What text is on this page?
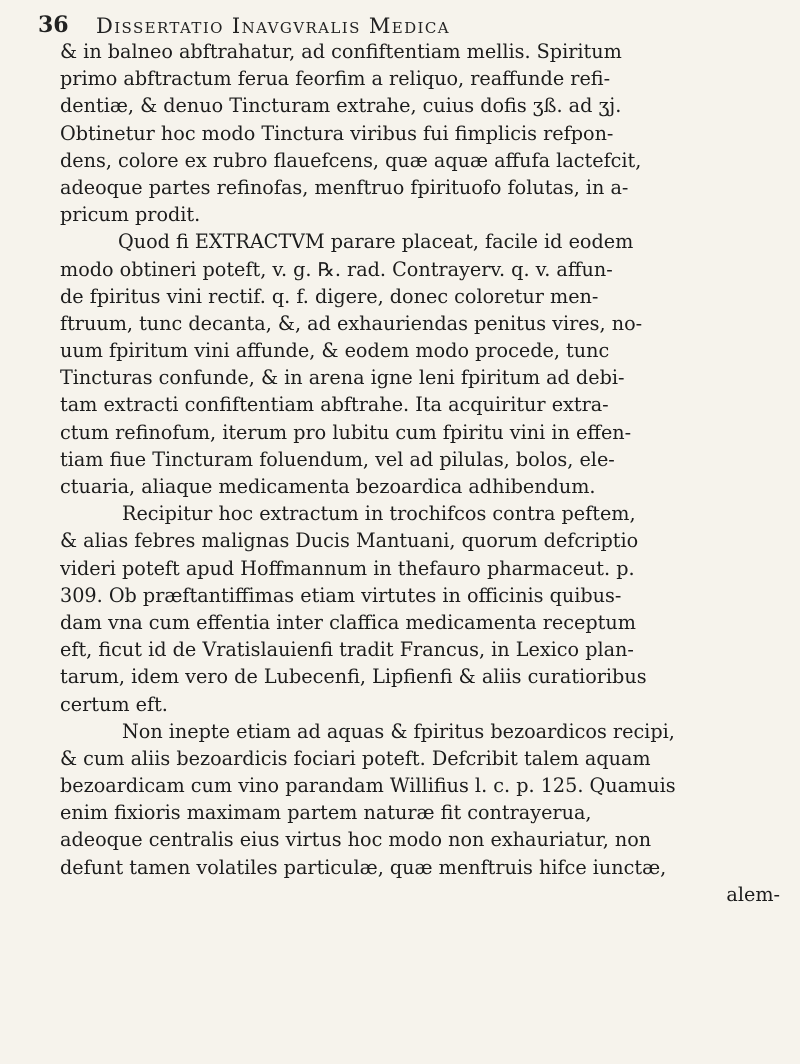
36 Dissertatio Inavgvralis Medica
& in balneo abftrahatur, ad confiftentiam mellis. Spiritum
primo abftractum ferua feorfim a reliquo, reaffunde refi-
dentiæ, & denuo Tincturam extrahe, cuius dofis ʒß. ad ʒj.
Obtinetur hoc modo Tinctura viribus fui fimplicis refpon-
dens, colore ex rubro flauefcens, quæ aquæ affufa lactefcit,
adeoque partes refinofas, menftruo fpirituofo folutas, in a-
pricum prodit.
Quod fi EXTRACTVM parare placeat, facile id eodem
modo obtineri poteft, v. g. ℞. rad. Contrayerv. q. v. affun-
de fpiritus vini rectif. q. f. digere, donec coloretur men-
ftruum, tunc decanta, &, ad exhauriendas penitus vires, no-
uum fpiritum vini affunde, & eodem modo procede, tunc
Tincturas confunde, & in arena igne leni fpiritum ad debi-
tam extracti confiftentiam abftrahe. Ita acquiritur extra-
ctum refinofum, iterum pro lubitu cum fpiritu vini in effen-
tiam fiue Tincturam foluendum, vel ad pilulas, bolos, ele-
ctuaria, aliaque medicamenta bezoardica adhibendum.
Recipitur hoc extractum in trochifcos contra peftem,
& alias febres malignas Ducis Mantuani, quorum defcriptio
videri poteft apud Hoffmannum in thefauro pharmaceut. p.
309. Ob præftantiffimas etiam virtutes in officinis quibus-
dam vna cum effentia inter claffica medicamenta receptum
eft, ficut id de Vratislauienfi tradit Francus, in Lexico plan-
tarum, idem vero de Lubecenfi, Lipfienfi & aliis curatioribus
certum eft.
Non inepte etiam ad aquas & fpiritus bezoardicos recipi,
& cum aliis bezoardicis fociari poteft. Defcribit talem aquam
bezoardicam cum vino parandam Willifius l. c. p. 125. Quamuis
enim fixioris maximam partem naturæ fit contrayerua,
adeoque centralis eius virtus hoc modo non exhauriatur, non
defunt tamen volatiles particulæ, quæ menftruis hifce iunctæ,
alem-
